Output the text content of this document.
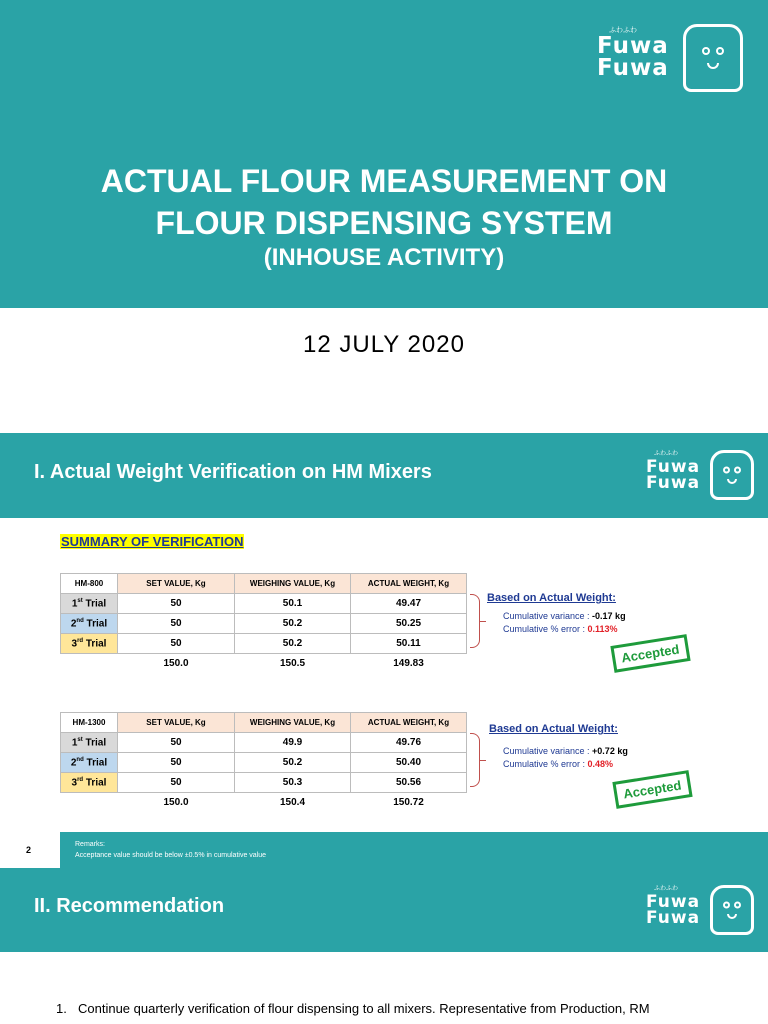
ふわふわ
Fuwa
Fuwa
ACTUAL FLOUR MEASUREMENT ON
FLOUR DISPENSING SYSTEM
(INHOUSE ACTIVITY)
12 JULY 2020
I. Actual Weight Verification on HM Mixers
ふわふわ
Fuwa
Fuwa
SUMMARY OF VERIFICATION
HM-800	SET VALUE, Kg	WEIGHING VALUE, Kg	ACTUAL WEIGHT, Kg
1st Trial	50	50.1	49.47
2nd Trial	50	50.2	50.25
3rd Trial	50	50.2	50.11
	150.0	150.5	149.83
Based on Actual Weight:
Cumulative variance : -0.17 kg
Cumulative % error : 0.113%
Accepted
HM-1300	SET VALUE, Kg	WEIGHING VALUE, Kg	ACTUAL WEIGHT, Kg
1st Trial	50	49.9	49.76
2nd Trial	50	50.2	50.40
3rd Trial	50	50.3	50.56
	150.0	150.4	150.72
Based on Actual Weight:
Cumulative variance : +0.72 kg
Cumulative % error : 0.48%
Accepted
2
Remarks:
Acceptance value should be below ±0.5% in cumulative value
II. Recommendation
ふわふわ
Fuwa
Fuwa
1. Continue quarterly verification of flour dispensing to all mixers. Representative from Production, RM
